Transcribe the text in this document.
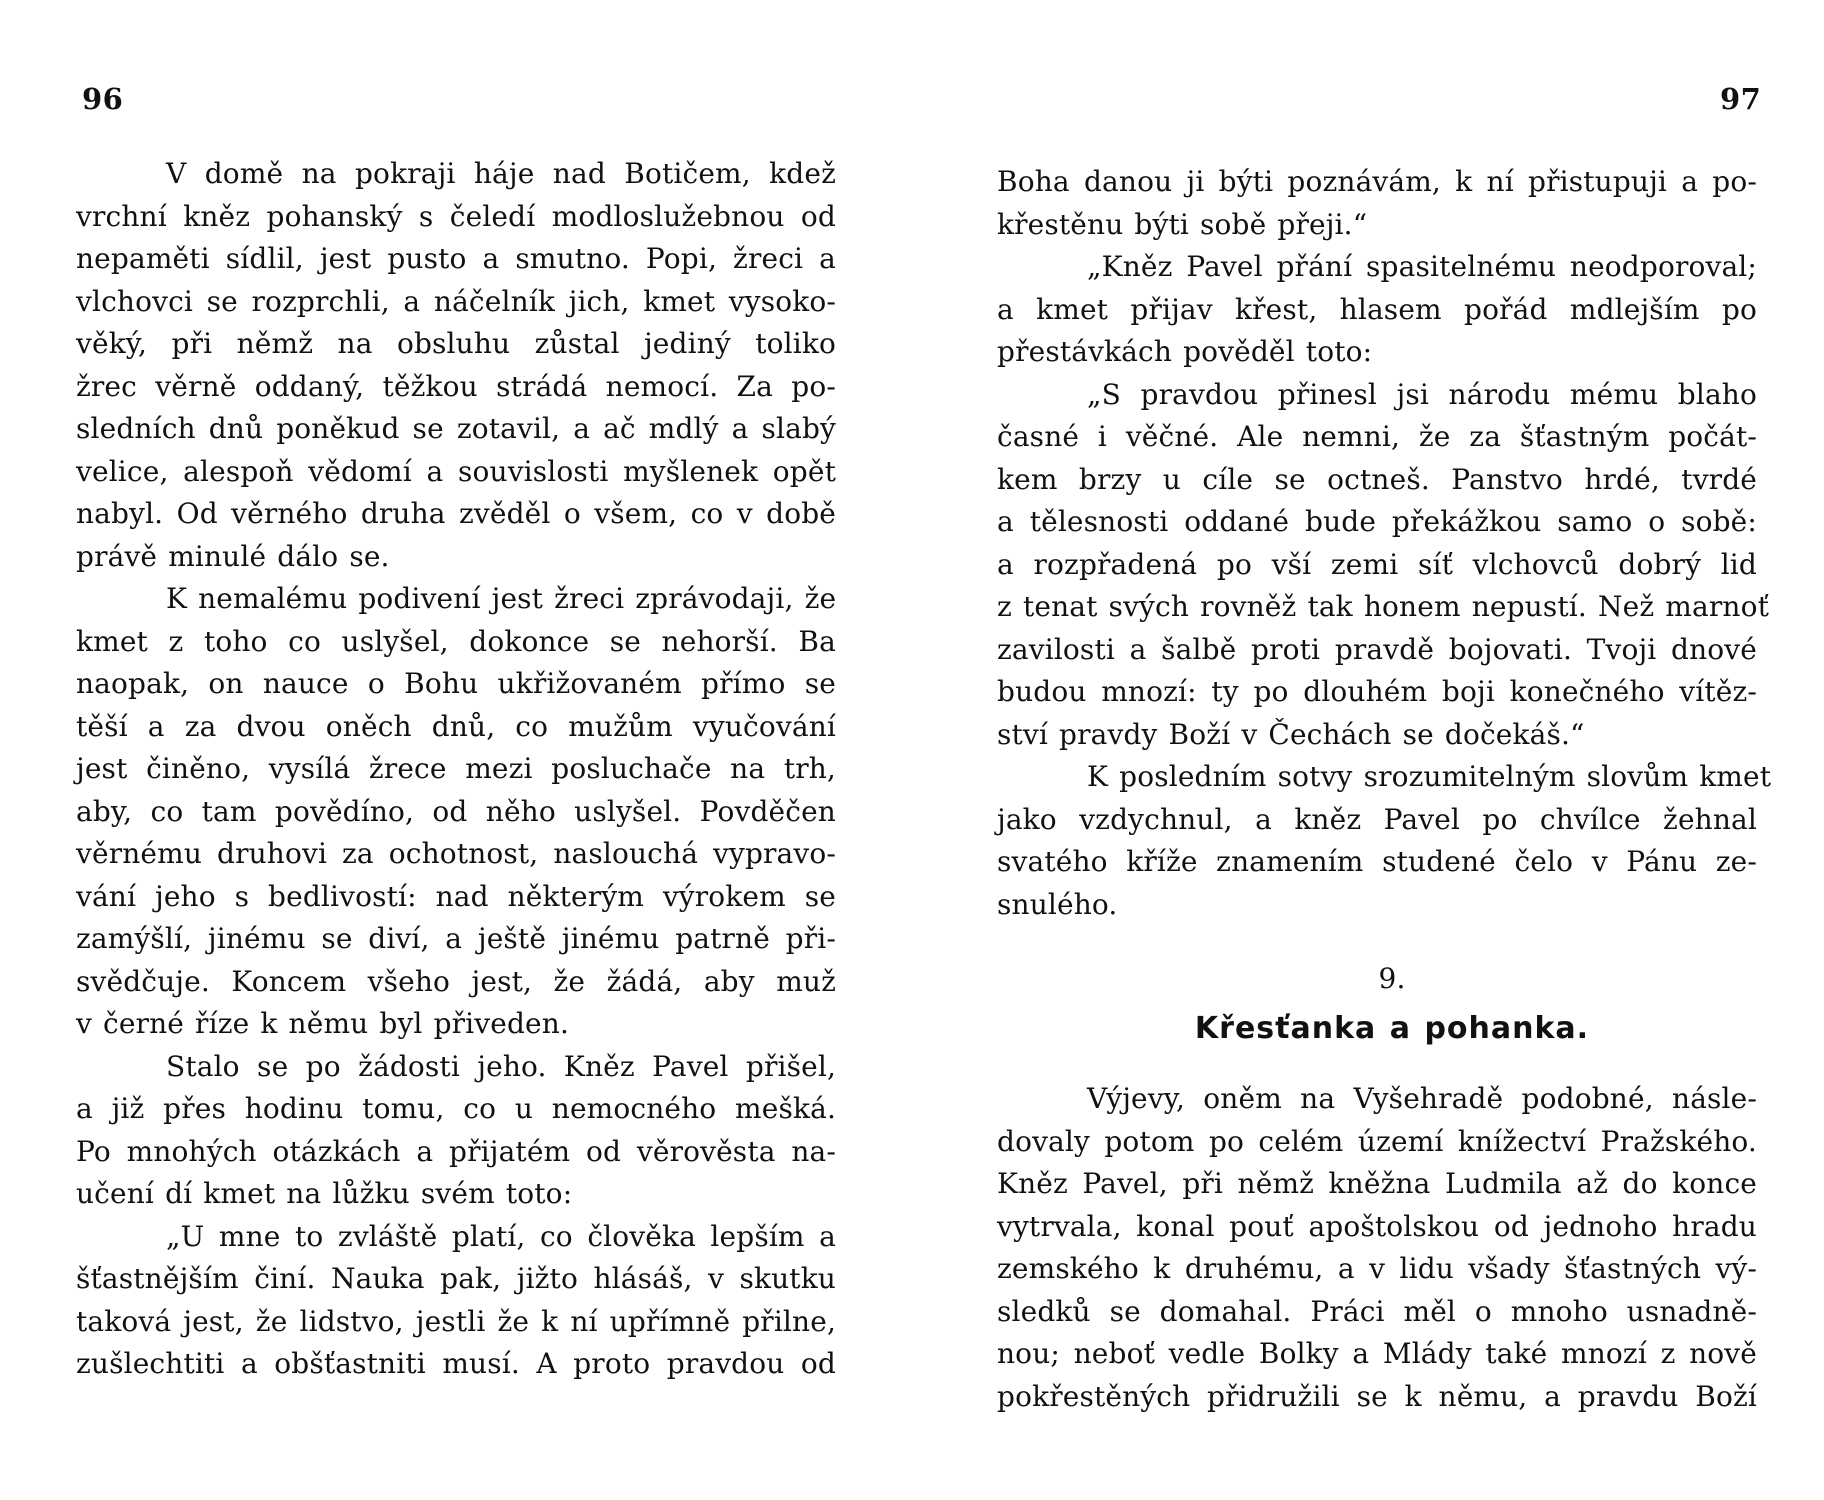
96
V domě na pokraji háje nad Botičem, kdež
vrchní kněz pohanský s čeledí modloslužebnou od
nepaměti sídlil, jest pusto a smutno. Popi, žreci a
vlchovci se rozprchli, a náčelník jich, kmet vysoko-
věký, při němž na obsluhu zůstal jediný toliko
žrec věrně oddaný, těžkou strádá nemocí. Za po-
sledních dnů poněkud se zotavil, a ač mdlý a slabý
velice, alespoň vědomí a souvislosti myšlenek opět
nabyl. Od věrného druha zvěděl o všem, co v době
právě minulé dálo se.
K nemalému podivení jest žreci zprávodaji, že
kmet z toho co uslyšel, dokonce se nehorší. Ba
naopak, on nauce o Bohu ukřižovaném přímo se
těší a za dvou oněch dnů, co mužům vyučování
jest činěno, vysílá žrece mezi posluchače na trh,
aby, co tam povědíno, od něho uslyšel. Povděčen
věrnému druhovi za ochotnost, naslouchá vypravo-
vání jeho s bedlivostí: nad některým výrokem se
zamýšlí, jinému se diví, a ještě jinému patrně při-
svědčuje. Koncem všeho jest, že žádá, aby muž
v černé říze k němu byl přiveden.
Stalo se po žádosti jeho. Kněz Pavel přišel,
a již přes hodinu tomu, co u nemocného mešká.
Po mnohých otázkách a přijatém od věrověsta na-
učení dí kmet na lůžku svém toto:
„U mne to zvláště platí, co člověka lepším a
šťastnějším činí. Nauka pak, jižto hlásáš, v skutku
taková jest, že lidstvo, jestli že k ní upřímně přilne,
zušlechtiti a obšťastniti musí. A proto pravdou od
97
Boha danou ji býti poznávám, k ní přistupuji a po-
křestěnu býti sobě přeji.“
„Kněz Pavel přání spasitelnému neodporoval;
a kmet přijav křest, hlasem pořád mdlejším po
přestávkách pověděl toto:
„S pravdou přinesl jsi národu mému blaho
časné i věčné. Ale nemni, že za šťastným počát-
kem brzy u cíle se octneš. Panstvo hrdé, tvrdé
a tělesnosti oddané bude překážkou samo o sobě:
a rozpřadená po vší zemi síť vlchovců dobrý lid
z tenat svých rovněž tak honem nepustí. Než marnoť
zavilosti a šalbě proti pravdě bojovati. Tvoji dnové
budou mnozí: ty po dlouhém boji konečného vítěz-
ství pravdy Boží v Čechách se dočekáš.“
K posledním sotvy srozumitelným slovům kmet
jako vzdychnul, a kněz Pavel po chvílce žehnal
svatého kříže znamením studené čelo v Pánu ze-
snulého.
9.
Křesťanka a pohanka.
Výjevy, oněm na Vyšehradě podobné, násle-
dovaly potom po celém území knížectví Pražského.
Kněz Pavel, při němž kněžna Ludmila až do konce
vytrvala, konal pouť apoštolskou od jednoho hradu
zemského k druhému, a v lidu všady šťastných vý-
sledků se domahal. Práci měl o mnoho usnadně-
nou; neboť vedle Bolky a Mlády také mnozí z nově
pokřestěných přidružili se k němu, a pravdu Boží
